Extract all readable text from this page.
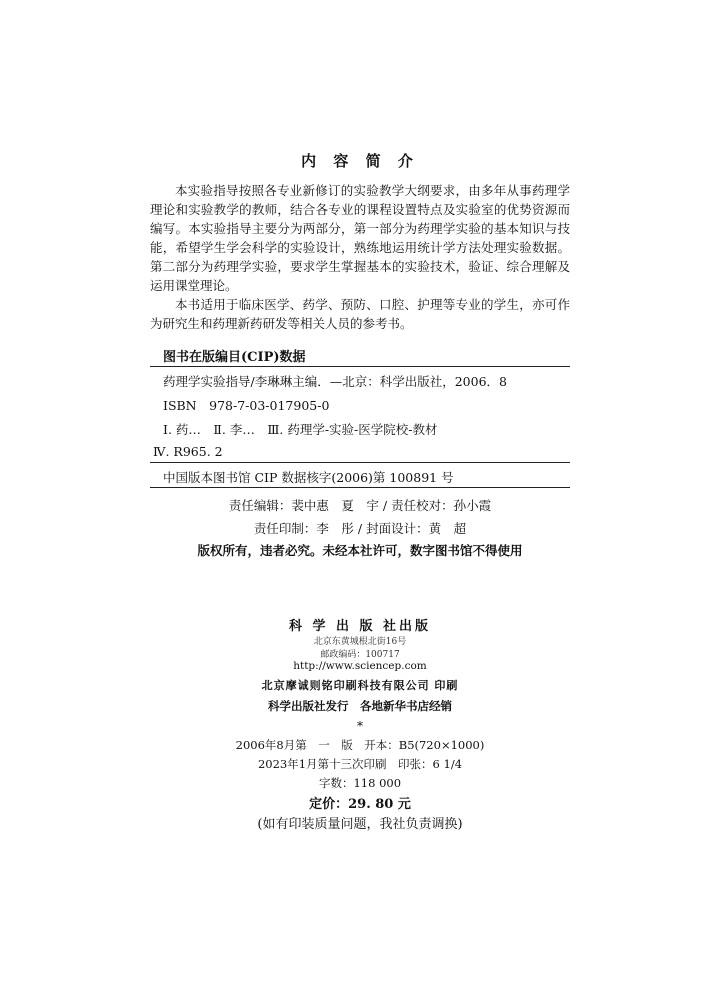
内 容 简 介

本实验指导按照各专业新修订的实验教学大纲要求，由多年从事药理学理论和实验教学的教师，结合各专业的课程设置特点及实验室的优势资源而编写。本实验指导主要分为两部分，第一部分为药理学实验的基本知识与技能，希望学生学会科学的实验设计，熟练地运用统计学方法处理实验数据。第二部分为药理学实验，要求学生掌握基本的实验技术，验证、综合理解及运用课堂理论。

本书适用于临床医学、药学、预防、口腔、护理等专业的学生，亦可作为研究生和药理新药研发等相关人员的参考书。

图书在版编目(CIP)数据
药理学实验指导/李琳琳主编．—北京：科学出版社，2006．8
ISBN　978-7-03-017905-0
Ⅰ. 药…　Ⅱ. 李…　Ⅲ. 药理学-实验-医学院校-教材
Ⅳ. R965. 2
中国版本图书馆 CIP 数据核字(2006)第 100891 号
责任编辑：裴中惠　夏　宇 / 责任校对：孙小霞
责任印制：李　彤 / 封面设计：黄　超
版权所有，违者必究。未经本社许可，数字图书馆不得使用
科 学 出 版 社出版
北京东黄城根北街16号
邮政编码：100717
http://www.sciencep.com
北京摩诚则铭印刷科技有限公司 印刷
科学出版社发行　各地新华书店经销
*
2006年8月第　一　版　开本：B5(720×1000)
2023年1月第十三次印刷　印张：6 1/4
字数：118 000
定价：29. 80 元
(如有印装质量问题，我社负责调换)
